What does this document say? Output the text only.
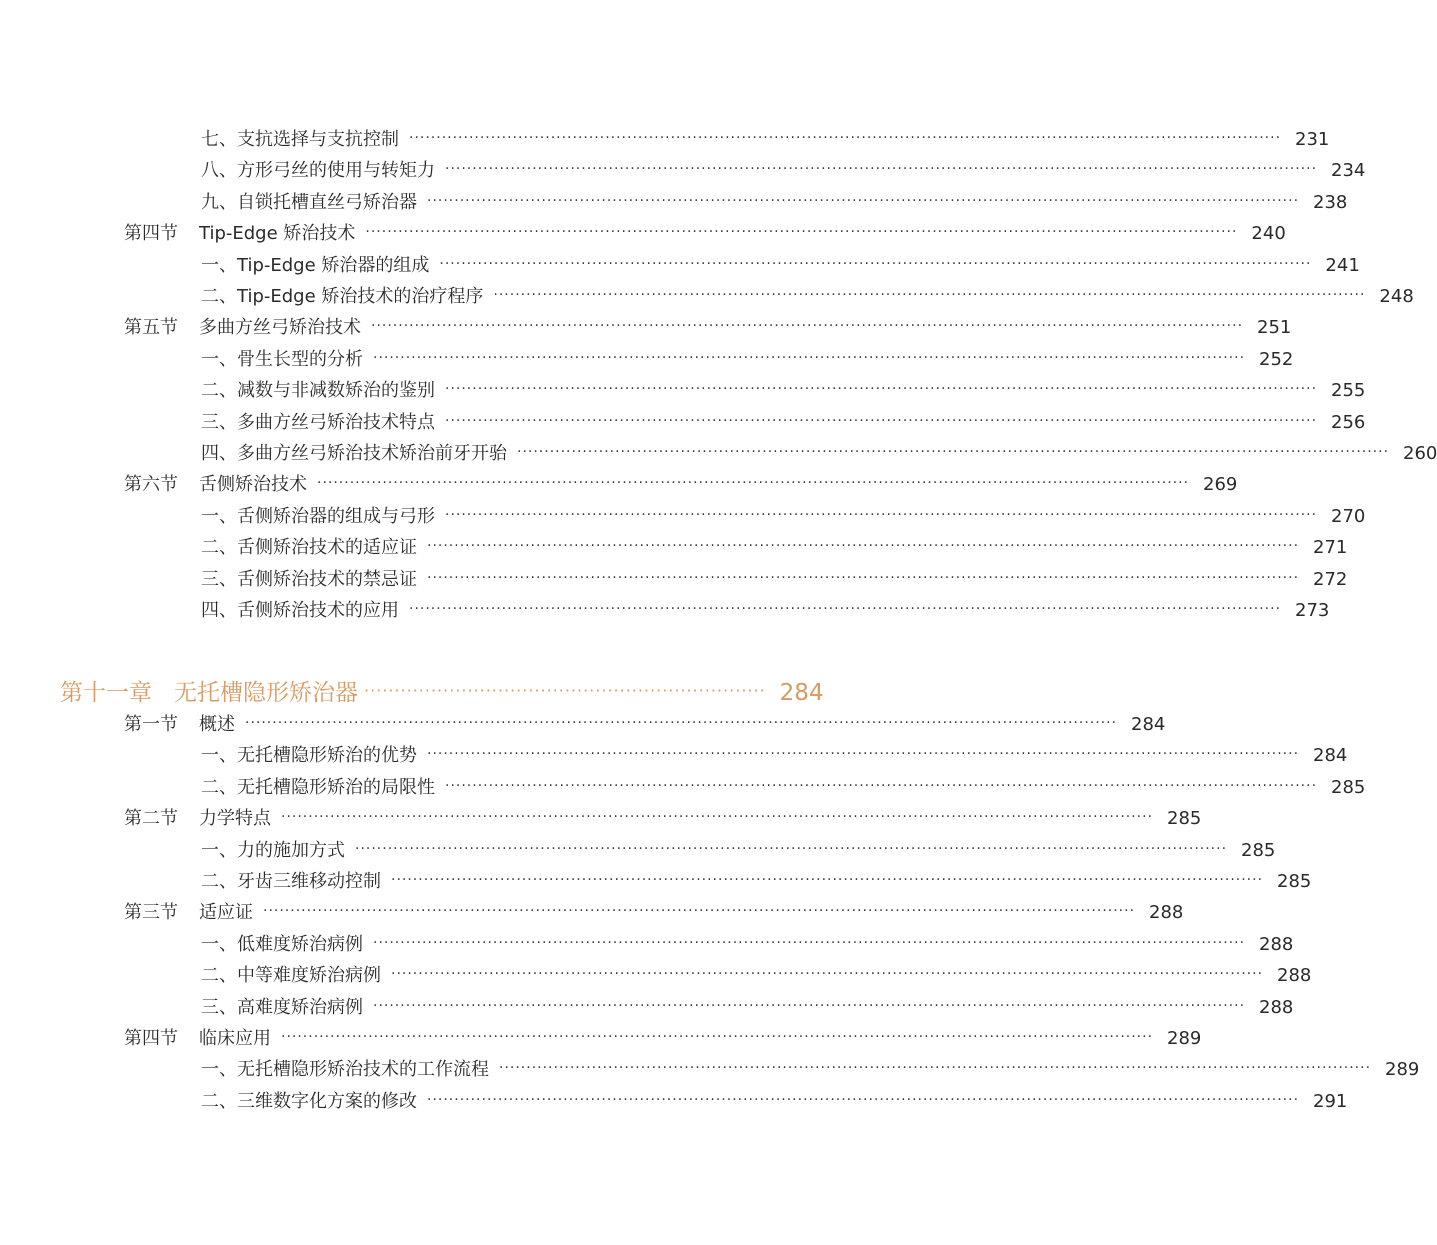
七、支抗选择与支抗控制 ································································································································································ 231
八、方形弓丝的使用与转矩力 ································································································································································ 234
九、自锁托槽直丝弓矫治器 ································································································································································ 238
第四节 Tip-Edge 矫治技术 ································································································································································ 240
一、Tip-Edge 矫治器的组成 ································································································································································ 241
二、Tip-Edge 矫治技术的治疗程序 ································································································································································ 248
第五节 多曲方丝弓矫治技术 ································································································································································ 251
一、骨生长型的分析 ································································································································································ 252
二、减数与非减数矫治的鉴别 ································································································································································ 255
三、多曲方丝弓矫治技术特点 ································································································································································ 256
四、多曲方丝弓矫治技术矫治前牙开骀 ································································································································································ 260
第六节 舌侧矫治技术 ································································································································································ 269
一、舌侧矫治器的组成与弓形 ································································································································································ 270
二、舌侧矫治技术的适应证 ································································································································································ 271
三、舌侧矫治技术的禁忌证 ································································································································································ 272
四、舌侧矫治技术的应用 ································································································································································ 273
第十一章 无托槽隐形矫治器 ·································································· 284
第一节 概述 ································································································································································ 284
一、无托槽隐形矫治的优势 ································································································································································ 284
二、无托槽隐形矫治的局限性 ································································································································································ 285
第二节 力学特点 ································································································································································ 285
一、力的施加方式 ································································································································································ 285
二、牙齿三维移动控制 ································································································································································ 285
第三节 适应证 ································································································································································ 288
一、低难度矫治病例 ································································································································································ 288
二、中等难度矫治病例 ································································································································································ 288
三、高难度矫治病例 ································································································································································ 288
第四节 临床应用 ································································································································································ 289
一、无托槽隐形矫治技术的工作流程 ································································································································································ 289
二、三维数字化方案的修改 ································································································································································ 291
